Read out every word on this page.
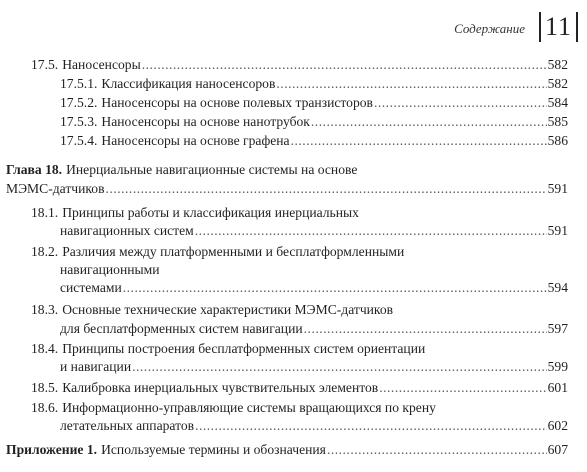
Содержание 11
17.5. Наносенсоры .....	582
17.5.1. Классификация наносенсоров .....	582
17.5.2. Наносенсоры на основе полевых транзисторов .....	584
17.5.3. Наносенсоры на основе нанотрубок .....	585
17.5.4. Наносенсоры на основе графена .....	586
Глава 18. Инерциальные навигационные системы на основе
МЭМС-датчиков .....	591
18.1. Принципы работы и классификация инерциальных
навигационных систем .....	591
18.2. Различия между платформенными и бесплатформленными
навигационными
системами .....	594
18.3. Основные технические характеристики МЭМС-датчиков
для бесплатформенных систем навигации .....	597
18.4. Принципы построения бесплатформенных систем ориентации
и навигации .....	599
18.5. Калибровка инерциальных чувствительных элементов .....	601
18.6. Информационно-управляющие системы вращающихся по крену
летательных аппаратов .....	602
Приложение 1. Используемые термины и обозначения .....	607
